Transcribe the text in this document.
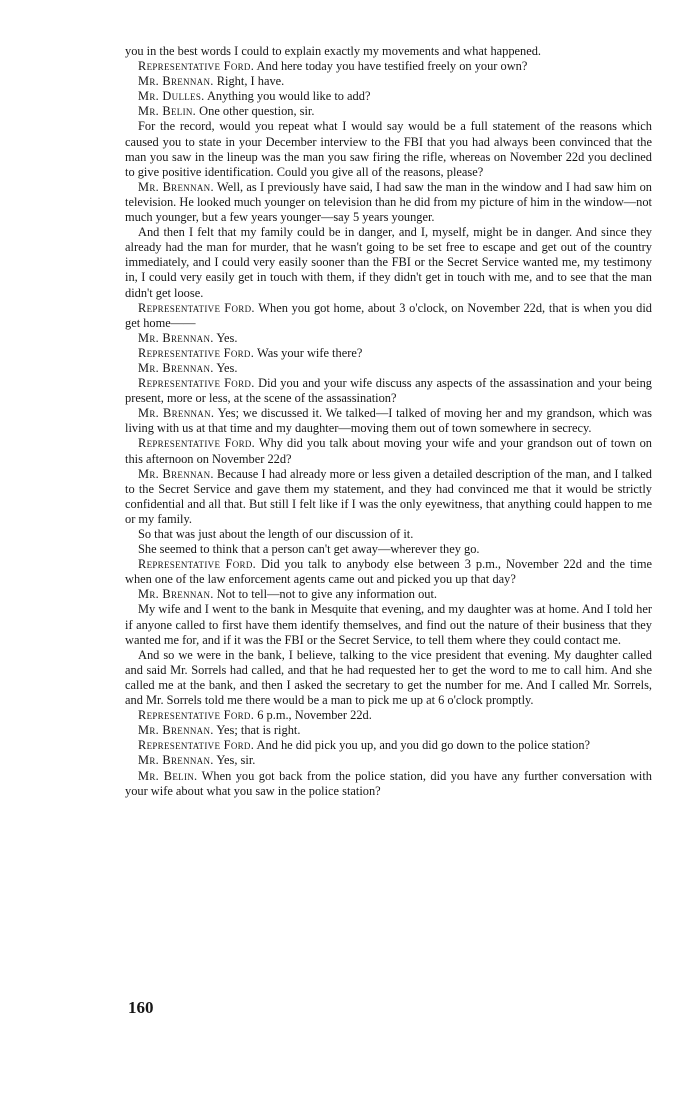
you in the best words I could to explain exactly my movements and what happened.

Representative Ford. And here today you have testified freely on your own?

Mr. Brennan. Right, I have.

Mr. Dulles. Anything you would like to add?

Mr. Belin. One other question, sir.

For the record, would you repeat what I would say would be a full statement of the reasons which caused you to state in your December interview to the FBI that you had always been convinced that the man you saw in the lineup was the man you saw firing the rifle, whereas on November 22d you declined to give positive identification. Could you give all of the reasons, please?

Mr. Brennan. Well, as I previously have said, I had saw the man in the window and I had saw him on television. He looked much younger on television than he did from my picture of him in the window—not much younger, but a few years younger—say 5 years younger.

And then I felt that my family could be in danger, and I, myself, might be in danger. And since they already had the man for murder, that he wasn't going to be set free to escape and get out of the country immediately, and I could very easily sooner than the FBI or the Secret Service wanted me, my testimony in, I could very easily get in touch with them, if they didn't get in touch with me, and to see that the man didn't get loose.

Representative Ford. When you got home, about 3 o'clock, on November 22d, that is when you did get home——

Mr. Brennan. Yes.

Representative Ford. Was your wife there?

Mr. Brennan. Yes.

Representative Ford. Did you and your wife discuss any aspects of the assassination and your being present, more or less, at the scene of the assassination?

Mr. Brennan. Yes; we discussed it. We talked—I talked of moving her and my grandson, which was living with us at that time and my daughter—moving them out of town somewhere in secrecy.

Representative Ford. Why did you talk about moving your wife and your grandson out of town on this afternoon on November 22d?

Mr. Brennan. Because I had already more or less given a detailed description of the man, and I talked to the Secret Service and gave them my statement, and they had convinced me that it would be strictly confidential and all that. But still I felt like if I was the only eyewitness, that anything could happen to me or my family.

So that was just about the length of our discussion of it.

She seemed to think that a person can't get away—wherever they go.

Representative Ford. Did you talk to anybody else between 3 p.m., November 22d and the time when one of the law enforcement agents came out and picked you up that day?

Mr. Brennan. Not to tell—not to give any information out.

My wife and I went to the bank in Mesquite that evening, and my daughter was at home. And I told her if anyone called to first have them identify themselves, and find out the nature of their business that they wanted me for, and if it was the FBI or the Secret Service, to tell them where they could contact me.

And so we were in the bank, I believe, talking to the vice president that evening. My daughter called and said Mr. Sorrels had called, and that he had requested her to get the word to me to call him. And she called me at the bank, and then I asked the secretary to get the number for me. And I called Mr. Sorrels, and Mr. Sorrels told me there would be a man to pick me up at 6 o'clock promptly.

Representative Ford. 6 p.m., November 22d.

Mr. Brennan. Yes; that is right.

Representative Ford. And he did pick you up, and you did go down to the police station?

Mr. Brennan. Yes, sir.

Mr. Belin. When you got back from the police station, did you have any further conversation with your wife about what you saw in the police station?

160
